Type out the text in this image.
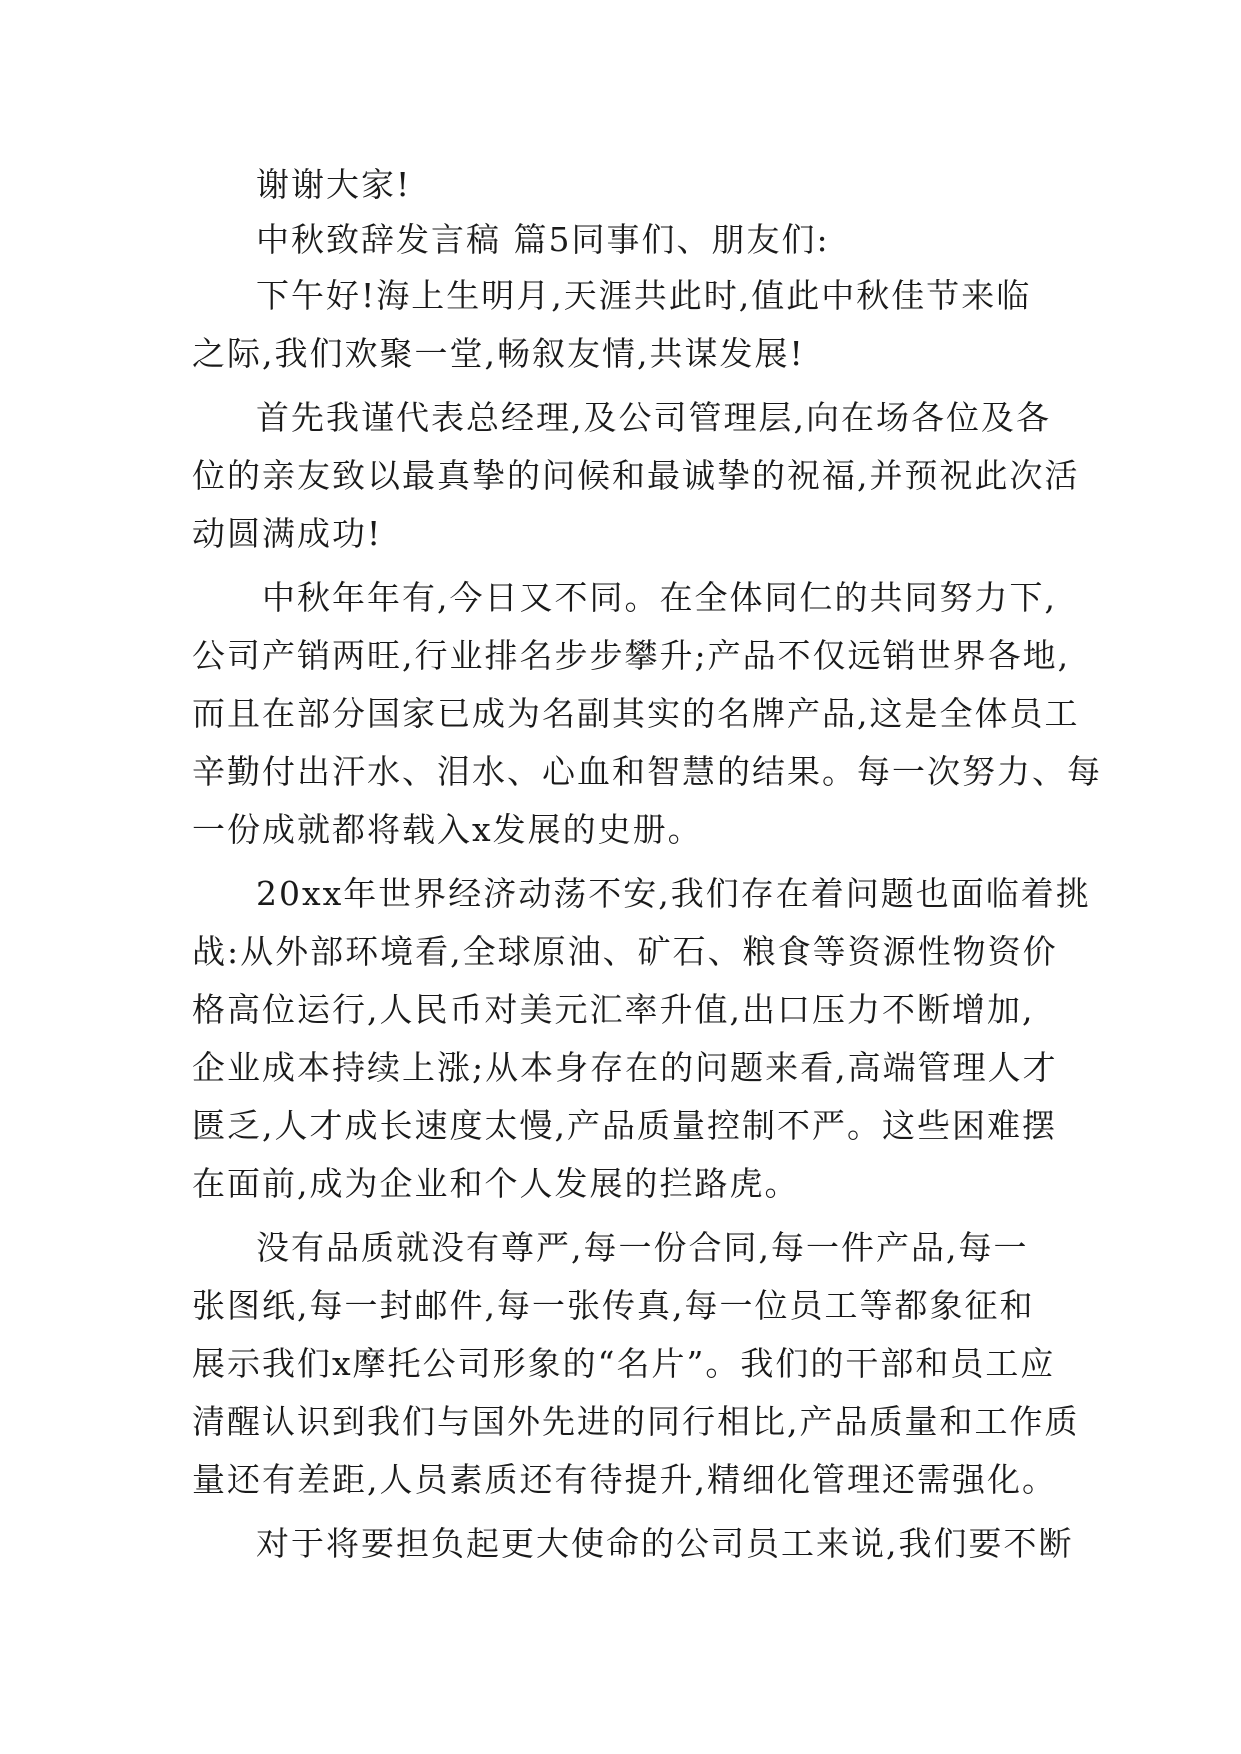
谢谢大家!
中秋致辞发言稿 篇5同事们、朋友们:
下午好!海上生明月,天涯共此时,值此中秋佳节来临
之际,我们欢聚一堂,畅叙友情,共谋发展!
首先我谨代表总经理,及公司管理层,向在场各位及各
位的亲友致以最真挚的问候和最诚挚的祝福,并预祝此次活
动圆满成功!
中秋年年有,今日又不同。在全体同仁的共同努力下,
公司产销两旺,行业排名步步攀升;产品不仅远销世界各地,
而且在部分国家已成为名副其实的名牌产品,这是全体员工
辛勤付出汗水、泪水、心血和智慧的结果。每一次努力、每
一份成就都将载入x发展的史册。
20xx年世界经济动荡不安,我们存在着问题也面临着挑
战:从外部环境看,全球原油、矿石、粮食等资源性物资价
格高位运行,人民币对美元汇率升值,出口压力不断增加,
企业成本持续上涨;从本身存在的问题来看,高端管理人才
匮乏,人才成长速度太慢,产品质量控制不严。这些困难摆
在面前,成为企业和个人发展的拦路虎。
没有品质就没有尊严,每一份合同,每一件产品,每一
张图纸,每一封邮件,每一张传真,每一位员工等都象征和
展示我们x摩托公司形象的“名片”。我们的干部和员工应
清醒认识到我们与国外先进的同行相比,产品质量和工作质
量还有差距,人员素质还有待提升,精细化管理还需强化。
对于将要担负起更大使命的公司员工来说,我们要不断
